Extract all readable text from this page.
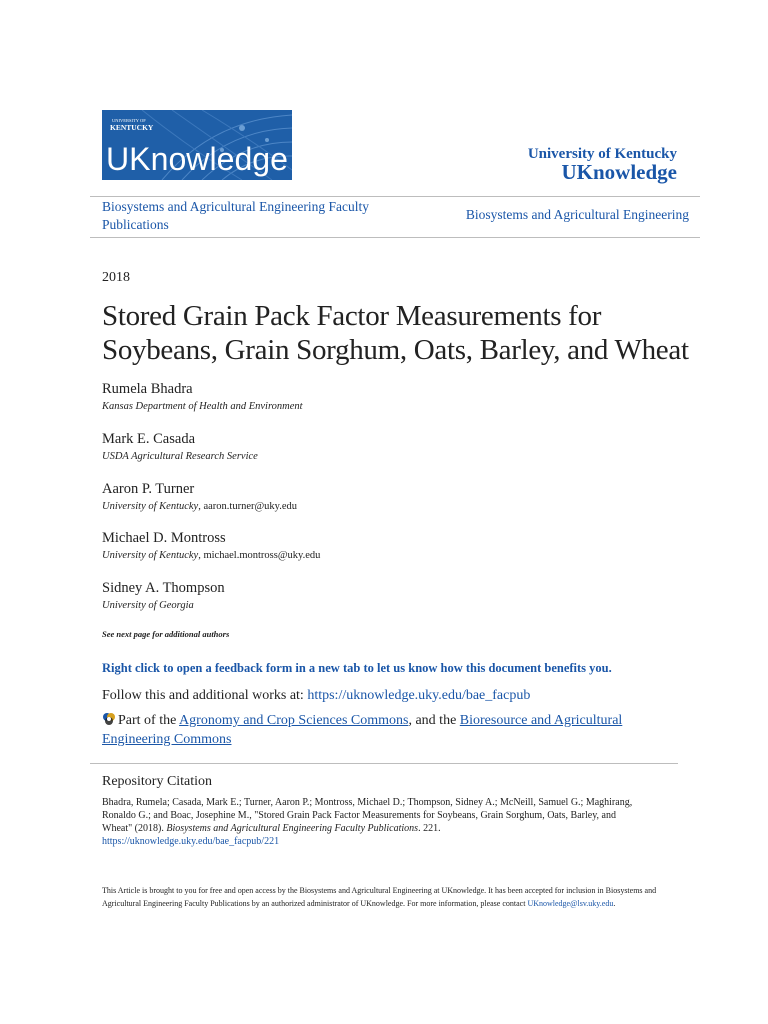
UNIVERSITY OF
KENTUCKY
UKnowledge	University of Kentucky
UKnowledge
Biosystems and Agricultural Engineering Faculty Publications
Biosystems and Agricultural Engineering
2018
Stored Grain Pack Factor Measurements for Soybeans, Grain Sorghum, Oats, Barley, and Wheat
Rumela Bhadra
Kansas Department of Health and Environment
Mark E. Casada
USDA Agricultural Research Service
Aaron P. Turner
University of Kentucky, aaron.turner@uky.edu
Michael D. Montross
University of Kentucky, michael.montross@uky.edu
Sidney A. Thompson
University of Georgia
See next page for additional authors
Right click to open a feedback form in a new tab to let us know how this document benefits you.
Follow this and additional works at: https://uknowledge.uky.edu/bae_facpub
Part of the Agronomy and Crop Sciences Commons, and the Bioresource and Agricultural Engineering Commons
Repository Citation
Bhadra, Rumela; Casada, Mark E.; Turner, Aaron P.; Montross, Michael D.; Thompson, Sidney A.; McNeill, Samuel G.; Maghirang, Ronaldo G.; and Boac, Josephine M., "Stored Grain Pack Factor Measurements for Soybeans, Grain Sorghum, Oats, Barley, and Wheat" (2018). Biosystems and Agricultural Engineering Faculty Publications. 221.
https://uknowledge.uky.edu/bae_facpub/221
This Article is brought to you for free and open access by the Biosystems and Agricultural Engineering at UKnowledge. It has been accepted for inclusion in Biosystems and Agricultural Engineering Faculty Publications by an authorized administrator of UKnowledge. For more information, please contact UKnowledge@lsv.uky.edu.
